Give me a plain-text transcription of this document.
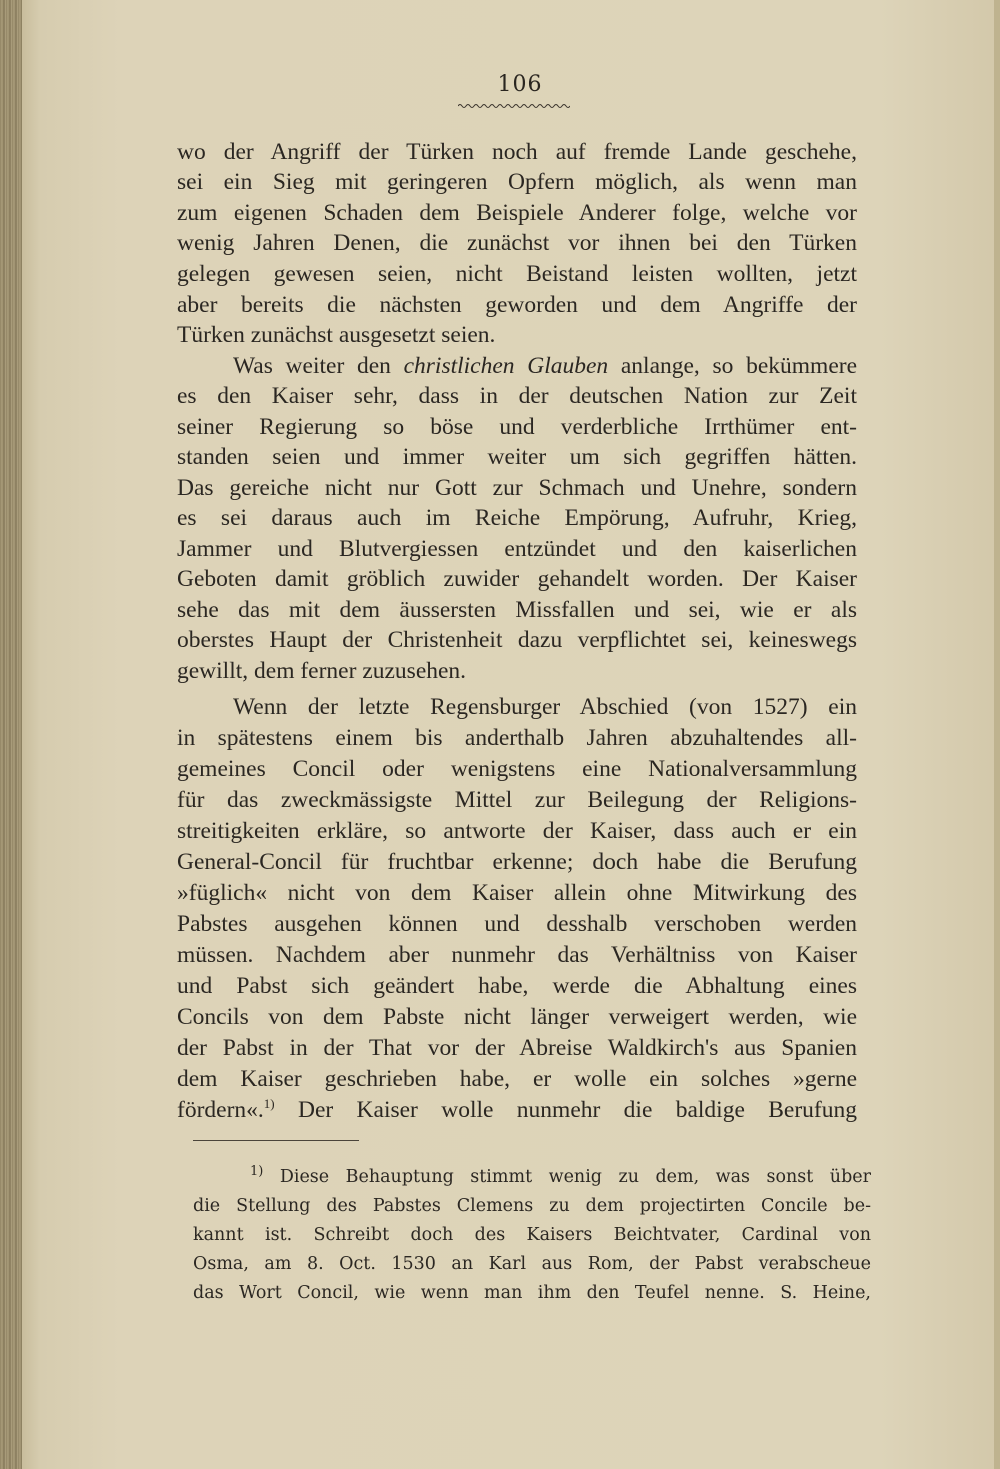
106
wo der Angriff der Türken noch auf fremde Lande geschehe,
sei ein Sieg mit geringeren Opfern möglich, als wenn man
zum eigenen Schaden dem Beispiele Anderer folge, welche vor
wenig Jahren Denen, die zunächst vor ihnen bei den Türken
gelegen gewesen seien, nicht Beistand leisten wollten, jetzt
aber bereits die nächsten geworden und dem Angriffe der
Türken zunächst ausgesetzt seien.
Was weiter den christlichen Glauben anlange, so bekümmere
es den Kaiser sehr, dass in der deutschen Nation zur Zeit
seiner Regierung so böse und verderbliche Irrthümer ent-
standen seien und immer weiter um sich gegriffen hätten.
Das gereiche nicht nur Gott zur Schmach und Unehre, sondern
es sei daraus auch im Reiche Empörung, Aufruhr, Krieg,
Jammer und Blutvergiessen entzündet und den kaiserlichen
Geboten damit gröblich zuwider gehandelt worden. Der Kaiser
sehe das mit dem äussersten Missfallen und sei, wie er als
oberstes Haupt der Christenheit dazu verpflichtet sei, keineswegs
gewillt, dem ferner zuzusehen.
Wenn der letzte Regensburger Abschied (von 1527) ein
in spätestens einem bis anderthalb Jahren abzuhaltendes all-
gemeines Concil oder wenigstens eine Nationalversammlung
für das zweckmässigste Mittel zur Beilegung der Religions-
streitigkeiten erkläre, so antworte der Kaiser, dass auch er ein
General-Concil für fruchtbar erkenne; doch habe die Berufung
»füglich« nicht von dem Kaiser allein ohne Mitwirkung des
Pabstes ausgehen können und desshalb verschoben werden
müssen. Nachdem aber nunmehr das Verhältniss von Kaiser
und Pabst sich geändert habe, werde die Abhaltung eines
Concils von dem Pabste nicht länger verweigert werden, wie
der Pabst in der That vor der Abreise Waldkirch's aus Spanien
dem Kaiser geschrieben habe, er wolle ein solches »gerne
fördern«.$^{1)}$ Der Kaiser wolle nunmehr die baldige Berufung
$^{1)}$ Diese Behauptung stimmt wenig zu dem, was sonst über
die Stellung des Pabstes Clemens zu dem projectirten Concile be-
kannt ist. Schreibt doch des Kaisers Beichtvater, Cardinal von
Osma, am 8. Oct. 1530 an Karl aus Rom, der Pabst verabscheue
das Wort Concil, wie wenn man ihm den Teufel nenne. S. Heine,
